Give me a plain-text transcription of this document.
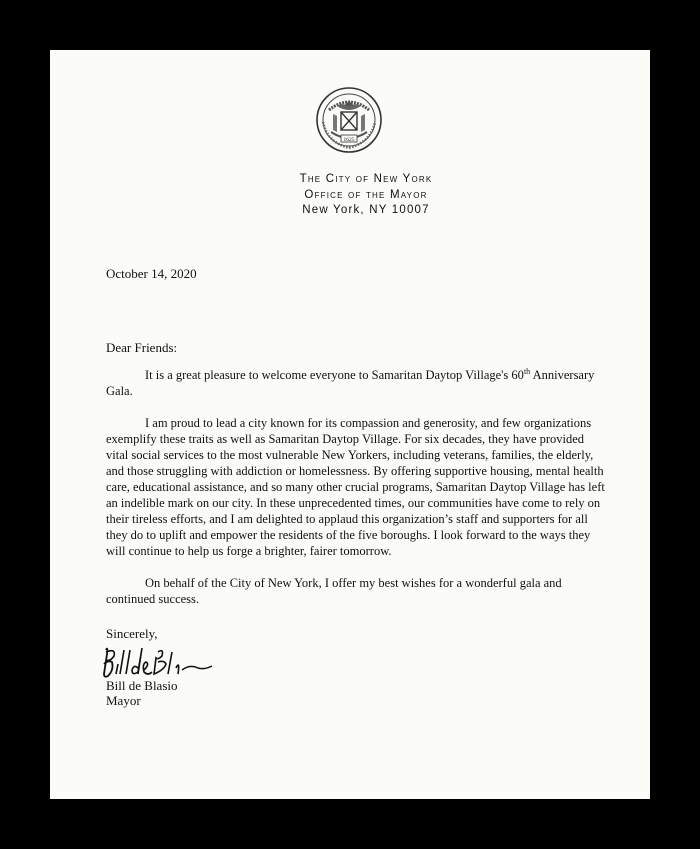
1625
The City of New York
Office of the Mayor
New York, NY 10007
October 14, 2020
Dear Friends:

It is a great pleasure to welcome everyone to Samaritan Daytop Village's 60th Anniversary Gala.

I am proud to lead a city known for its compassion and generosity, and few organizations exemplify these traits as well as Samaritan Daytop Village. For six decades, they have provided vital social services to the most vulnerable New Yorkers, including veterans, families, the elderly, and those struggling with addiction or homelessness. By offering supportive housing, mental health care, educational assistance, and so many other crucial programs, Samaritan Daytop Village has left an indelible mark on our city. In these unprecedented times, our communities have come to rely on their tireless efforts, and I am delighted to applaud this organization’s staff and supporters for all they do to uplift and empower the residents of the five boroughs. I look forward to the ways they will continue to help us forge a brighter, fairer tomorrow.

On behalf of the City of New York, I offer my best wishes for a wonderful gala and continued success.

Sincerely,
Bill de Blasio
Mayor
